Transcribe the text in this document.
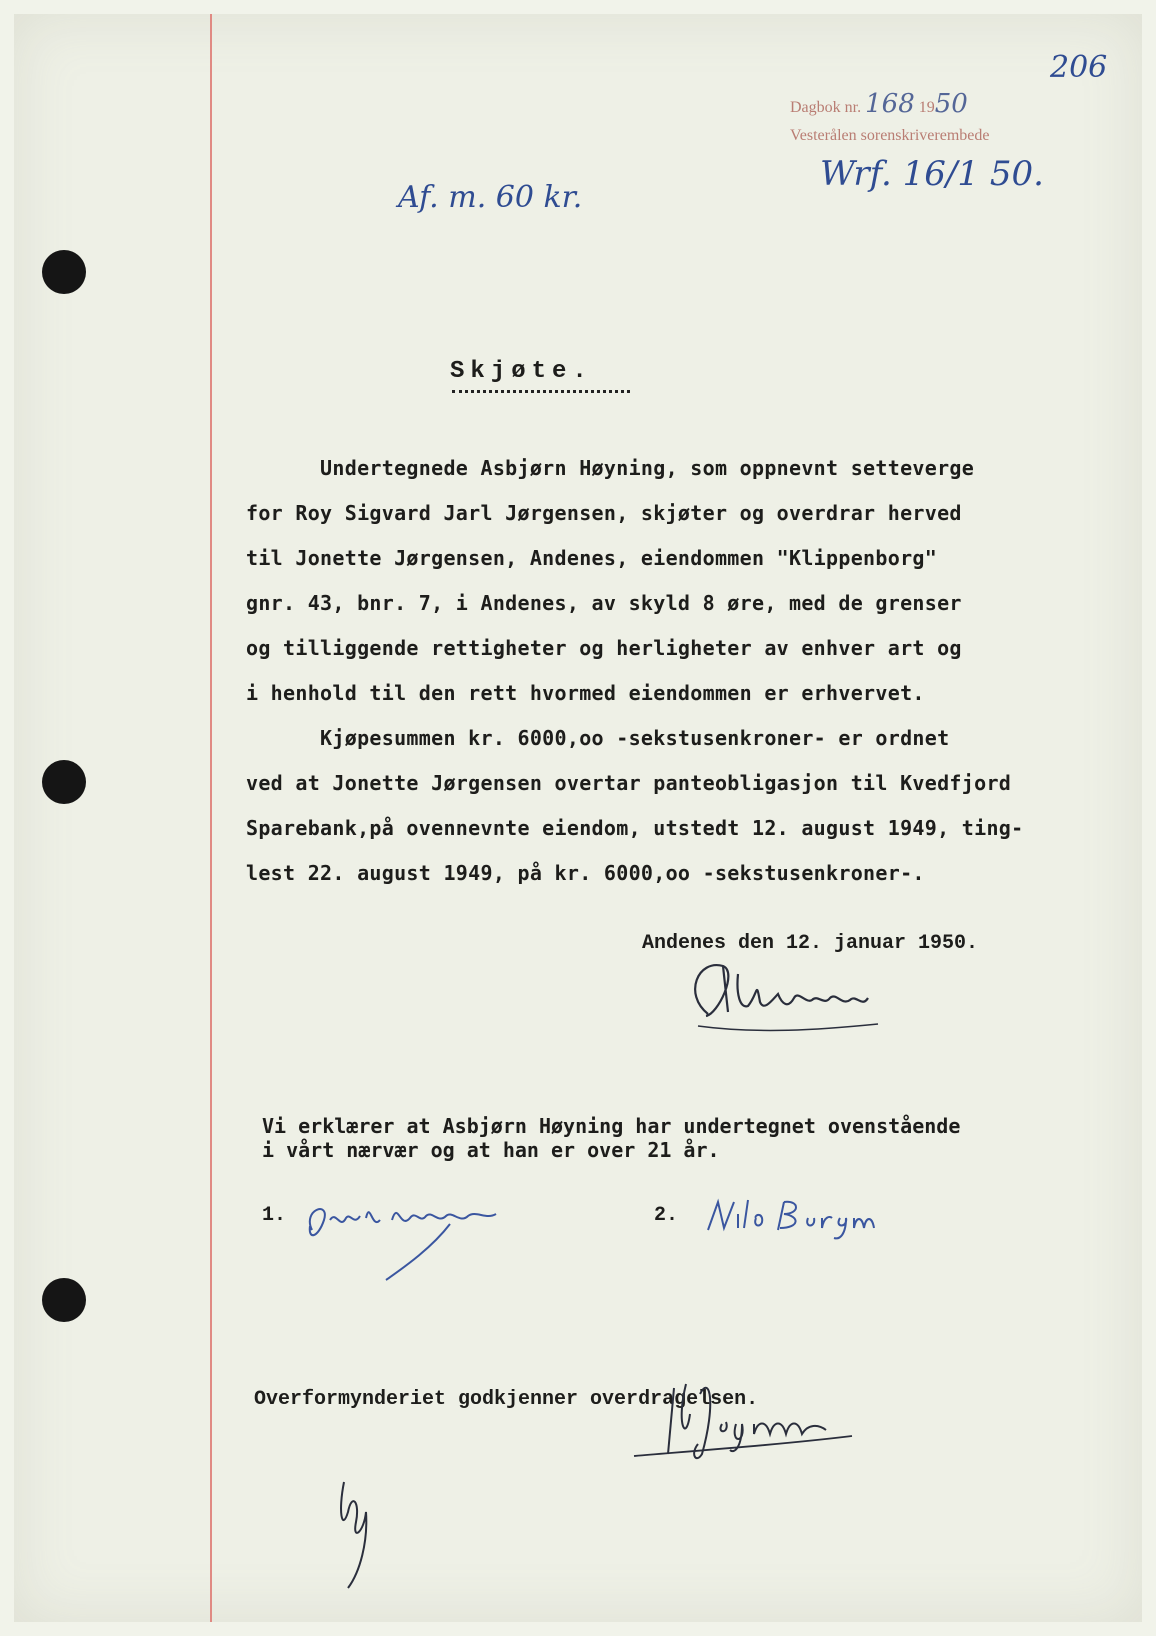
206
Dagbok nr. 168 1950
Vesterålen sorenskriverembede
Wrf. 16/1 50.
Af. m. 60 kr.
Skjøte.
Undertegnede Asbjørn Høyning, som oppnevnt setteverge
for Roy Sigvard Jarl Jørgensen, skjøter og overdrar herved
til Jonette Jørgensen, Andenes, eiendommen "Klippenborg"
gnr. 43, bnr. 7, i Andenes, av skyld 8 øre, med de grenser
og tilliggende rettigheter og herligheter av enhver art og
i henhold til den rett hvormed eiendommen er erhvervet.
Kjøpesummen kr. 6000,oo -sekstusenkroner- er ordnet
ved at Jonette Jørgensen overtar panteobligasjon til Kvedfjord
Sparebank,på ovennevnte eiendom, utstedt 12. august 1949, ting-
lest 22. august 1949, på kr. 6000,oo -sekstusenkroner-.
Andenes den 12. januar 1950.
Vi erklærer at Asbjørn Høyning har undertegnet ovenstående
i vårt nærvær og at han er over 21 år.
1.	2.
Overformynderiet godkjenner overdragelsen.
